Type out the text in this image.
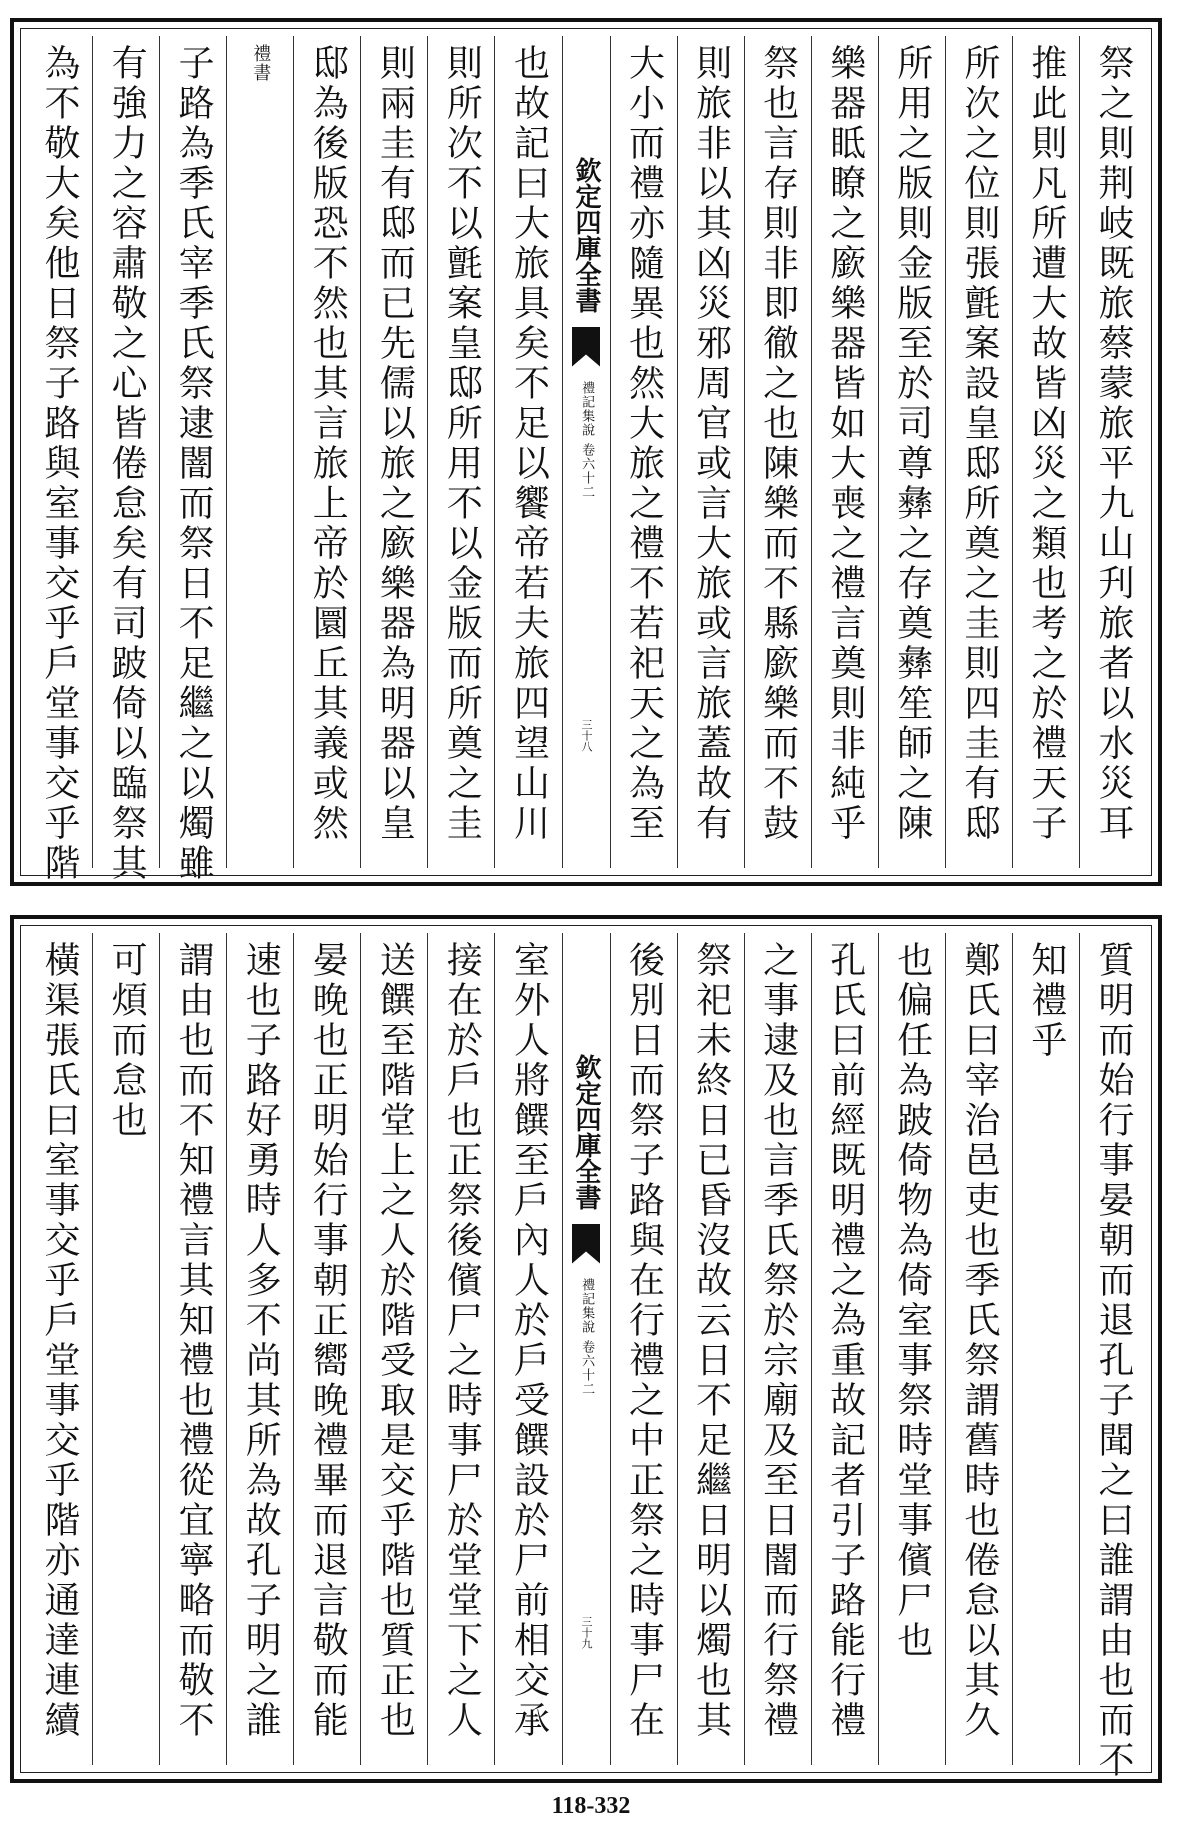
祭之則荆岐既旅蔡蒙旅平九山刋旅者以水災耳
推此則凡所遭大故皆凶災之類也考之於禮天子
所次之位則張氈案設皇邸所奠之圭則四圭有邸
所用之版則金版至於司尊彝之存奠彝笙師之陳
樂器眡瞭之廞樂器皆如大喪之禮言奠則非純乎
祭也言存則非即徹之也陳樂而不縣廞樂而不鼓
則旅非以其凶災邪周官或言大旅或言旅蓋故有
大小而禮亦隨異也然大旅之禮不若祀天之為至
欽定四庫全書
禮記集說
卷六十二
三十八
也故記曰大旅具矣不足以饗帝若夫旅四望山川
則所次不以氈案皇邸所用不以金版而所奠之圭
則兩圭有邸而已先儒以旅之廞樂器為明器以皇
邸為後版恐不然也其言旅上帝於圜丘其義或然
禮書
子路為季氏宰季氏祭逮闇而祭日不足繼之以燭雖
有強力之容肅敬之心皆倦怠矣有司跛倚以臨祭其
為不敬大矣他日祭子路與室事交乎戶堂事交乎階
質明而始行事晏朝而退孔子聞之曰誰謂由也而不
知禮乎
鄭氏曰宰治邑吏也季氏祭謂舊時也倦怠以其久
也偏任為跛倚物為倚室事祭時堂事儐尸也
孔氏曰前經既明禮之為重故記者引子路能行禮
之事逮及也言季氏祭於宗廟及至日闇而行祭禮
祭祀未終日已昏沒故云日不足繼日明以燭也其
後別日而祭子路與在行禮之中正祭之時事尸在
欽定四庫全書
禮記集說
卷六十二
三十九
室外人將饌至戶內人於戶受饌設於尸前相交承
接在於戶也正祭後儐尸之時事尸於堂堂下之人
送饌至階堂上之人於階受取是交乎階也質正也
晏晚也正明始行事朝正嚮晚禮畢而退言敬而能
速也子路好勇時人多不尚其所為故孔子明之誰
謂由也而不知禮言其知禮也禮從宜寧略而敬不
可煩而怠也
橫渠張氏曰室事交乎戶堂事交乎階亦通達連續
118-332
